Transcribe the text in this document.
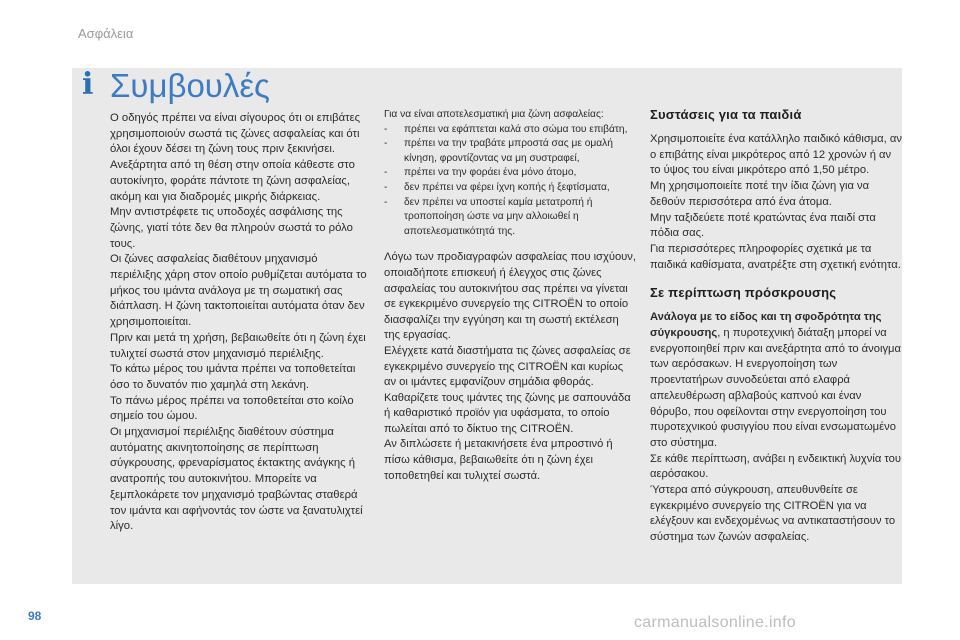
Ασφάλεια
i Συμβουλές

Ο οδηγός πρέπει να είναι σίγουρος ότι οι επιβάτες χρησιμοποιούν σωστά τις ζώνες ασφαλείας και ότι όλοι έχουν δέσει τη ζώνη τους πριν ξεκινήσει.

Ανεξάρτητα από τη θέση στην οποία κάθεστε στο αυτοκίνητο, φοράτε πάντοτε τη ζώνη ασφαλείας, ακόμη και για διαδρομές μικρής διάρκειας.

Μην αντιστρέφετε τις υποδοχές ασφάλισης της ζώνης, γιατί τότε δεν θα πληρούν σωστά το ρόλο τους.

Οι ζώνες ασφαλείας διαθέτουν μηχανισμό περιέλιξης χάρη στον οποίο ρυθμίζεται αυτόματα το μήκος του ιμάντα ανάλογα με τη σωματική σας διάπλαση. Η ζώνη τακτοποιείται αυτόματα όταν δεν χρησιμοποιείται.

Πριν και μετά τη χρήση, βεβαιωθείτε ότι η ζώνη έχει τυλιχτεί σωστά στον μηχανισμό περιέλιξης.

Το κάτω μέρος του ιμάντα πρέπει να τοποθετείται όσο το δυνατόν πιο χαμηλά στη λεκάνη.

Το πάνω μέρος πρέπει να τοποθετείται στο κοίλο σημείο του ώμου.

Οι μηχανισμοί περιέλιξης διαθέτουν σύστημα αυτόματης ακινητοποίησης σε περίπτωση σύγκρουσης, φρεναρίσματος έκτακτης ανάγκης ή ανατροπής του αυτοκινήτου. Μπορείτε να ξεμπλοκάρετε τον μηχανισμό τραβώντας σταθερά τον ιμάντα και αφήνοντάς τον ώστε να ξανατυλιχτεί λίγο.

Για να είναι αποτελεσματική μια ζώνη ασφαλείας:

- πρέπει να εφάπτεται καλά στο σώμα του επιβάτη,
- πρέπει να την τραβάτε μπροστά σας με ομαλή κίνηση, φροντίζοντας να μη συστραφεί,
- πρέπει να την φοράει ένα μόνο άτομο,
- δεν πρέπει να φέρει ίχνη κοπής ή ξεφτίσματα,
- δεν πρέπει να υποστεί καμία μετατροπή ή τροποποίηση ώστε να μην αλλοιωθεί η αποτελεσματικότητά της.

Λόγω των προδιαγραφών ασφαλείας που ισχύουν, οποιαδήποτε επισκευή ή έλεγχος στις ζώνες ασφαλείας του αυτοκινήτου σας πρέπει να γίνεται σε εγκεκριμένο συνεργείο της CITROËN το οποίο διασφαλίζει την εγγύηση και τη σωστή εκτέλεση της εργασίας.

Ελέγχετε κατά διαστήματα τις ζώνες ασφαλείας σε εγκεκριμένο συνεργείο της CITROËN και κυρίως αν οι ιμάντες εμφανίζουν σημάδια φθοράς.

Καθαρίζετε τους ιμάντες της ζώνης με σαπουνάδα ή καθαριστικό προϊόν για υφάσματα, το οποίο πωλείται από το δίκτυο της CITROËN.

Αν διπλώσετε ή μετακινήσετε ένα μπροστινό ή πίσω κάθισμα, βεβαιωθείτε ότι η ζώνη έχει τοποθετηθεί και τυλιχτεί σωστά.

Συστάσεις για τα παιδιά

Χρησιμοποιείτε ένα κατάλληλο παιδικό κάθισμα, αν ο επιβάτης είναι μικρότερος από 12 χρονών ή αν το ύψος του είναι μικρότερο από 1,50 μέτρο.

Μη χρησιμοποιείτε ποτέ την ίδια ζώνη για να δεθούν περισσότερα από ένα άτομα.

Μην ταξιδεύετε ποτέ κρατώντας ένα παιδί στα πόδια σας.

Για περισσότερες πληροφορίες σχετικά με τα παιδικά καθίσματα, ανατρέξτε στη σχετική ενότητα.

Σε περίπτωση πρόσκρουσης

Ανάλογα με το είδος και τη σφοδρότητα της σύγκρουσης, η πυροτεχνική διάταξη μπορεί να ενεργοποιηθεί πριν και ανεξάρτητα από το άνοιγμα των αερόσακων. Η ενεργοποίηση των προεντατήρων συνοδεύεται από ελαφρά απελευθέρωση αβλαβούς καπνού και έναν θόρυβο, που οφείλονται στην ενεργοποίηση του πυροτεχνικού φυσιγγίου που είναι ενσωματωμένο στο σύστημα.

Σε κάθε περίπτωση, ανάβει η ενδεικτική λυχνία του αερόσακου.

Ύστερα από σύγκρουση, απευθυνθείτε σε εγκεκριμένο συνεργείο της CITROËN για να ελέγξουν και ενδεχομένως να αντικαταστήσουν το σύστημα των ζωνών ασφαλείας.

98	carmanualsonline.info
